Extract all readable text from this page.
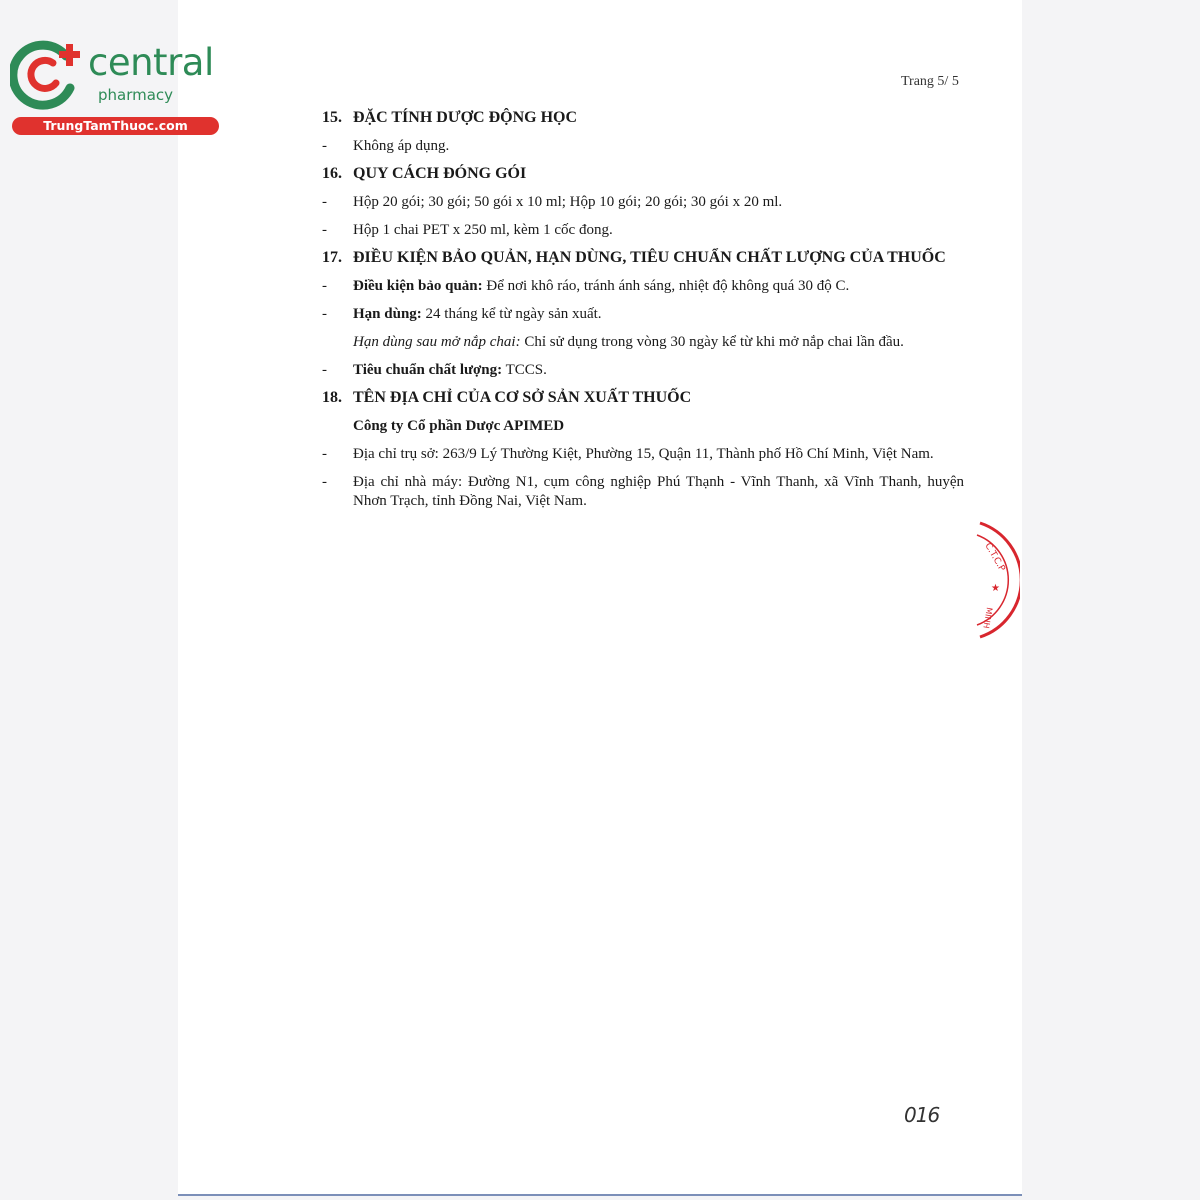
central
pharmacy
TrungTamThuoc.com
Trang 5/ 5
15. ĐẶC TÍNH DƯỢC ĐỘNG HỌC
-	Không áp dụng.
16. QUY CÁCH ĐÓNG GÓI
-	Hộp 20 gói; 30 gói; 50 gói x 10 ml; Hộp 10 gói; 20 gói; 30 gói x 20 ml.
-	Hộp 1 chai PET x 250 ml, kèm 1 cốc đong.
17. ĐIỀU KIỆN BẢO QUẢN, HẠN DÙNG, TIÊU CHUẨN CHẤT LƯỢNG CỦA THUỐC
-	Điều kiện bảo quản: Để nơi khô ráo, tránh ánh sáng, nhiệt độ không quá 30 độ C.
-	Hạn dùng: 24 tháng kể từ ngày sản xuất.
Hạn dùng sau mở nắp chai: Chỉ sử dụng trong vòng 30 ngày kể từ khi mở nắp chai lần đầu.
-	Tiêu chuẩn chất lượng: TCCS.
18. TÊN ĐỊA CHỈ CỦA CƠ SỞ SẢN XUẤT THUỐC
Công ty Cổ phần Dược APIMED
-	Địa chỉ trụ sở: 263/9 Lý Thường Kiệt, Phường 15, Quận 11, Thành phố Hồ Chí Minh, Việt Nam.
-	Địa chỉ nhà máy: Đường N1, cụm công nghiệp Phú Thạnh - Vĩnh Thanh, xã Vĩnh Thanh, huyện Nhơn Trạch, tỉnh Đồng Nai, Việt Nam.
C.T.C.P
★
MINH
016
